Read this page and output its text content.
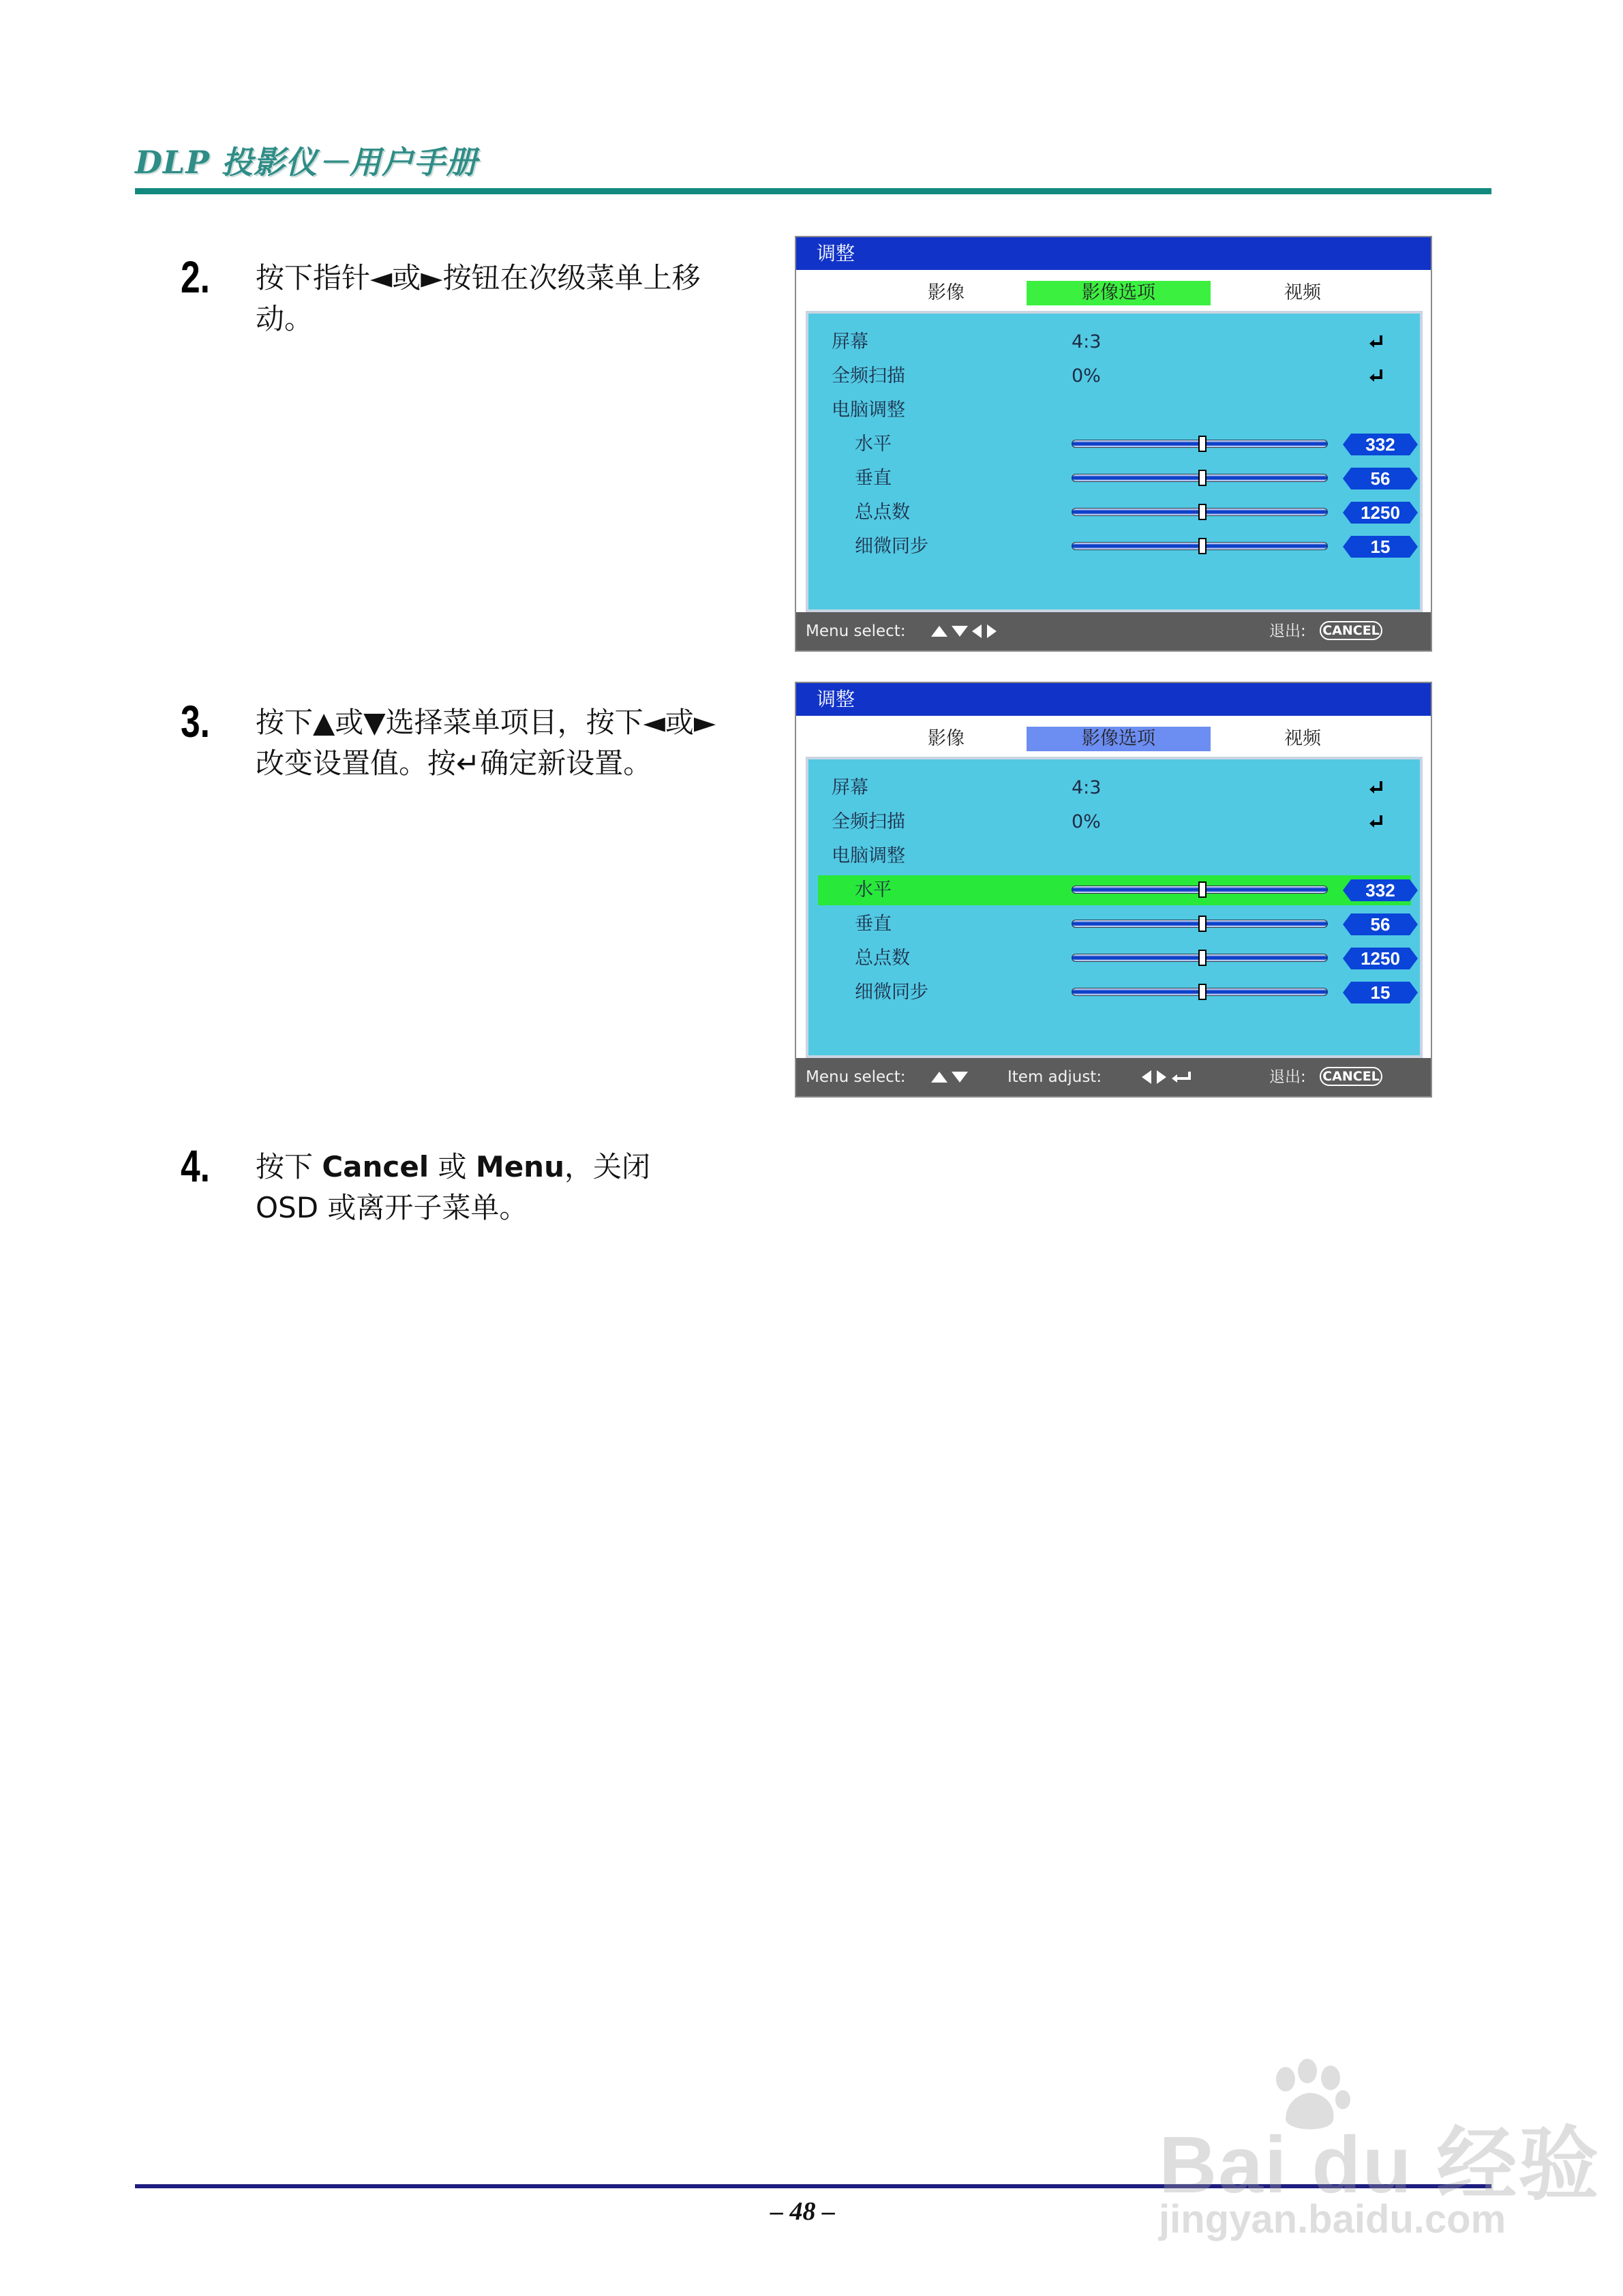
DLP 投影仪－用户手册
2. 按下指针◄或►按钮在次级菜单上移动。
3. 按下▲或▼选择菜单项目，按下◄或►改变设置值。按↵确定新设置。
4. 按下 Cancel 或 Menu，关闭 OSD 或离开子菜单。
调整
影像	影像选项	视频
屏幕	4:3
全频扫描	0%
电脑调整
水平	332
垂直	56
总点数	1250
细微同步	15
Menu select:	退出: CANCEL
调整
影像	影像选项	视频
屏幕	4:3
全频扫描	0%
电脑调整
水平	332
垂直	56
总点数	1250
细微同步	15
Menu select:	Item adjust:	退出: CANCEL
– 48 –
Bai du 经验
jingyan.baidu.com
